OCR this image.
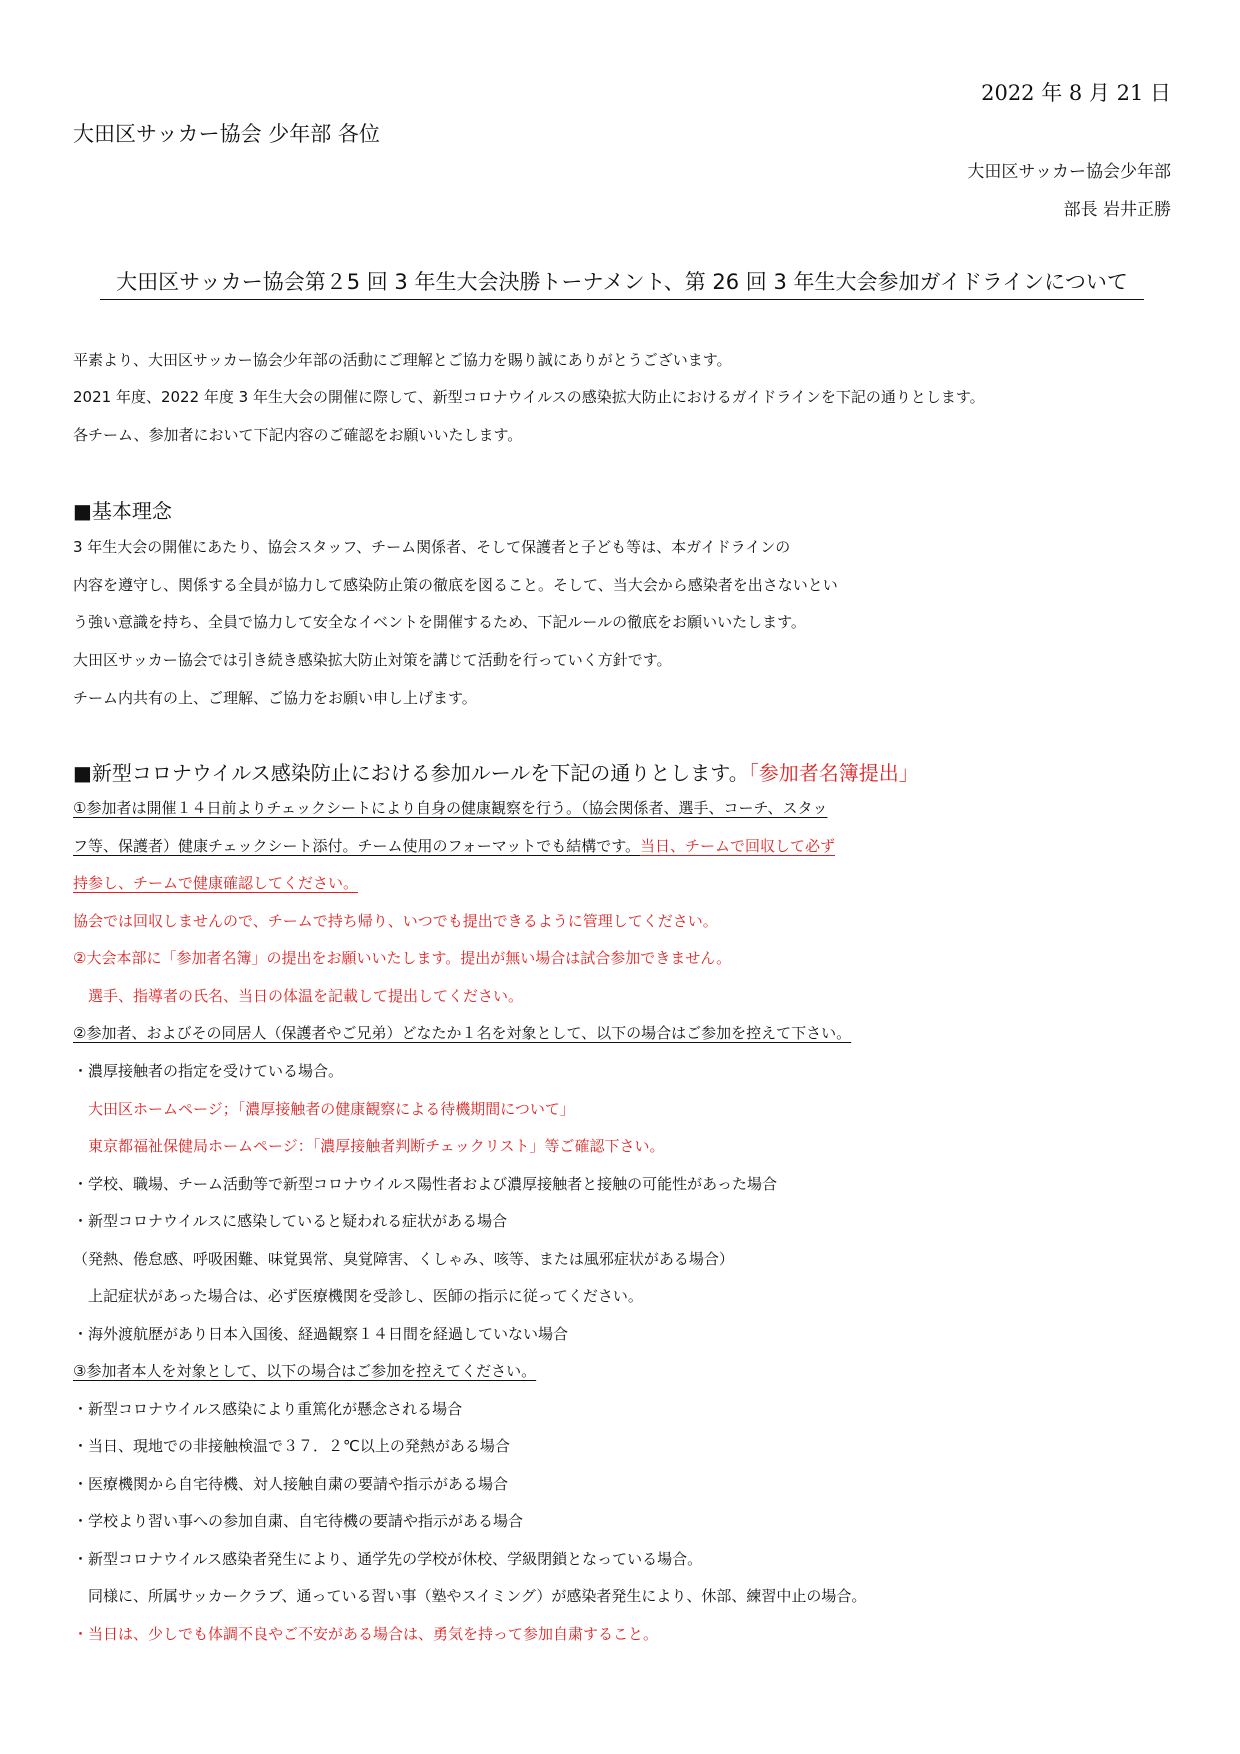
2022 年 8 月 21 日
大田区サッカー協会 少年部 各位
大田区サッカー協会少年部
部長 岩井正勝
大田区サッカー協会第２5 回 3 年生大会決勝トーナメント、第 26 回 3 年生大会参加ガイドラインについて
平素より、大田区サッカー協会少年部の活動にご理解とご協力を賜り誠にありがとうございます。
2021 年度、2022 年度 3 年生大会の開催に際して、新型コロナウイルスの感染拡大防止におけるガイドラインを下記の通りとします。
各チーム、参加者において下記内容のご確認をお願いいたします。
■基本理念
3 年生大会の開催にあたり、協会スタッフ、チーム関係者、そして保護者と子ども等は、本ガイドラインの
内容を遵守し、関係する全員が協力して感染防止策の徹底を図ること。そして、当大会から感染者を出さないとい
う強い意識を持ち、全員で協力して安全なイベントを開催するため、下記ルールの徹底をお願いいたします。
大田区サッカー協会では引き続き感染拡大防止対策を講じて活動を行っていく方針です。
チーム内共有の上、ご理解、ご協力をお願い申し上げます。
■新型コロナウイルス感染防止における参加ルールを下記の通りとします。「参加者名簿提出」
①参加者は開催１４日前よりチェックシートにより自身の健康観察を行う。（協会関係者、選手、コーチ、スタッ
フ等、保護者）健康チェックシート添付。チーム使用のフォーマットでも結構です。当日、チームで回収して必ず
持参し、チームで健康確認してください。
協会では回収しませんので、チームで持ち帰り、いつでも提出できるように管理してください。
②大会本部に「参加者名簿」の提出をお願いいたします。提出が無い場合は試合参加できません。
　選手、指導者の氏名、当日の体温を記載して提出してください。
②参加者、およびその同居人（保護者やご兄弟）どなたか１名を対象として、以下の場合はご参加を控えて下さい。
・濃厚接触者の指定を受けている場合。
　大田区ホームページ；「濃厚接触者の健康観察による待機期間について」
　東京都福祉保健局ホームページ：「濃厚接触者判断チェックリスト」等ご確認下さい。
・学校、職場、チーム活動等で新型コロナウイルス陽性者および濃厚接触者と接触の可能性があった場合
・新型コロナウイルスに感染していると疑われる症状がある場合
（発熱、倦怠感、呼吸困難、味覚異常、臭覚障害、くしゃみ、咳等、または風邪症状がある場合）
　上記症状があった場合は、必ず医療機関を受診し、医師の指示に従ってください。
・海外渡航歴があり日本入国後、経過観察１４日間を経過していない場合
③参加者本人を対象として、以下の場合はご参加を控えてください。
・新型コロナウイルス感染により重篤化が懸念される場合
・当日、現地での非接触検温で３７．２℃以上の発熱がある場合
・医療機関から自宅待機、対人接触自粛の要請や指示がある場合
・学校より習い事への参加自粛、自宅待機の要請や指示がある場合
・新型コロナウイルス感染者発生により、通学先の学校が休校、学級閉鎖となっている場合。
　同様に、所属サッカークラブ、通っている習い事（塾やスイミング）が感染者発生により、休部、練習中止の場合。
・当日は、少しでも体調不良やご不安がある場合は、勇気を持って参加自粛すること。
